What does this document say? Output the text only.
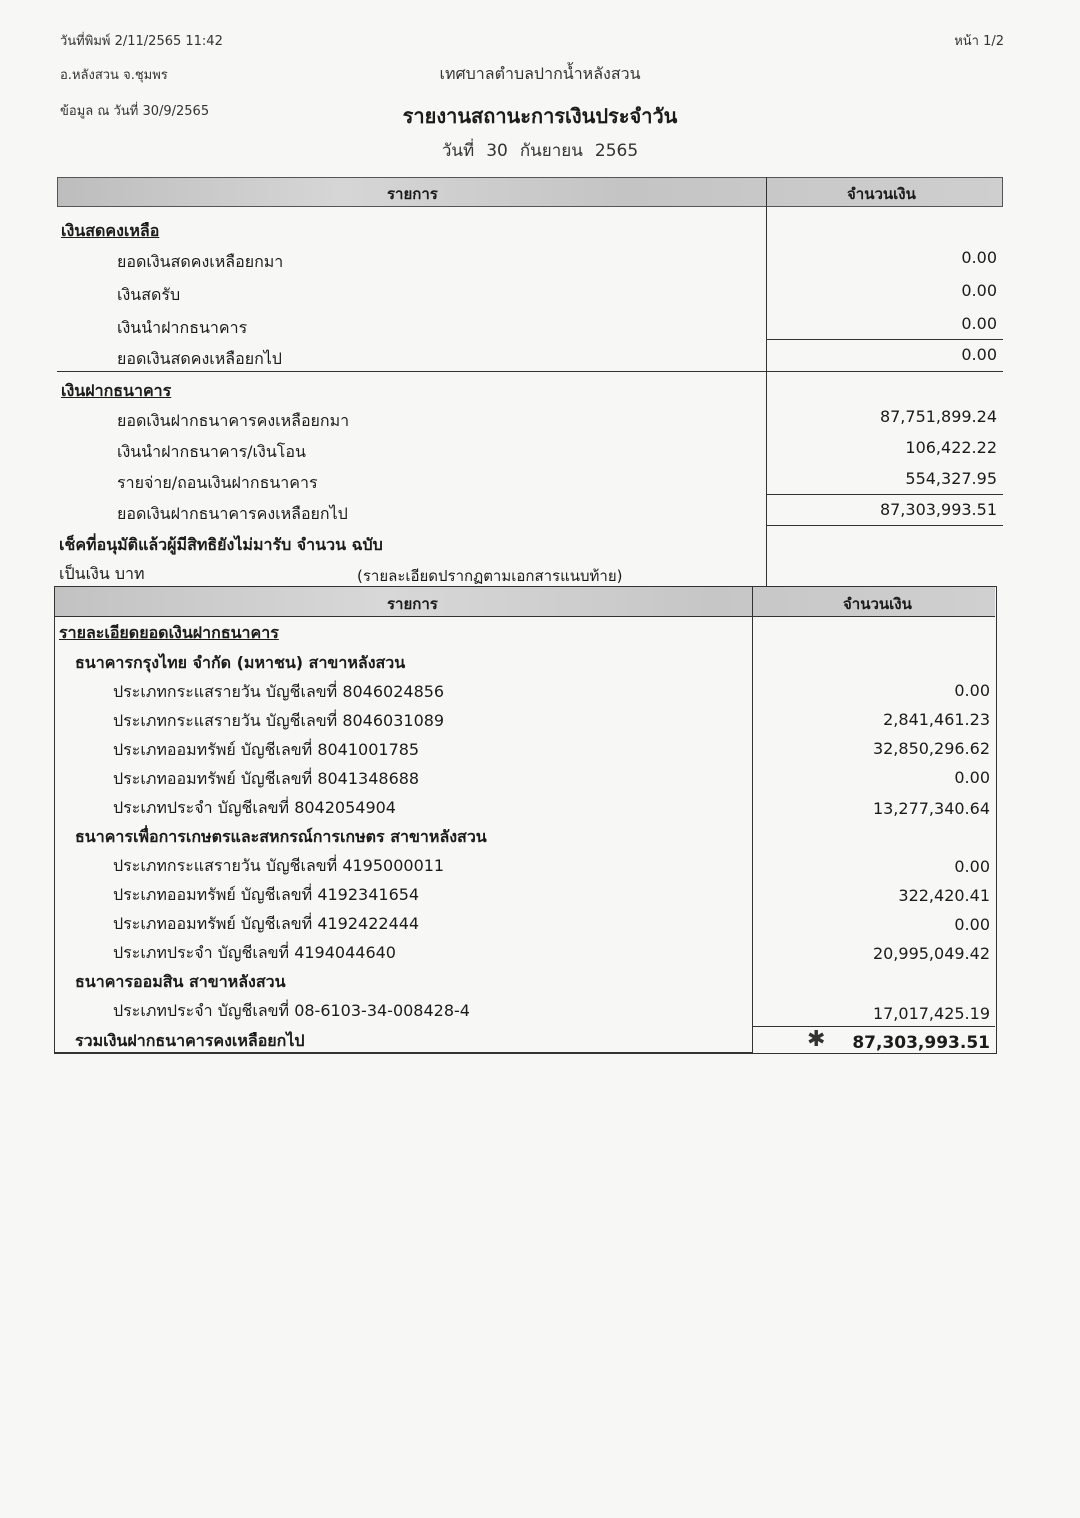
วันที่พิมพ์ 2/11/2565 11:42
อ.หลังสวน จ.ชุมพร
ข้อมูล ณ วันที่ 30/9/2565
หน้า 1/2
เทศบาลตำบลปากน้ำหลังสวน
รายงานสถานะการเงินประจำวัน
วันที่ 30 กันยายน 2565
รายการ	จำนวนเงิน
เงินสดคงเหลือ
ยอดเงินสดคงเหลือยกมา	0.00
เงินสดรับ	0.00
เงินนำฝากธนาคาร	0.00
ยอดเงินสดคงเหลือยกไป	0.00
เงินฝากธนาคาร
ยอดเงินฝากธนาคารคงเหลือยกมา	87,751,899.24
เงินนำฝากธนาคาร/เงินโอน	106,422.22
รายจ่าย/ถอนเงินฝากธนาคาร	554,327.95
ยอดเงินฝากธนาคารคงเหลือยกไป	87,303,993.51
เช็คที่อนุมัติแล้วผู้มีสิทธิยังไม่มารับ จำนวน ฉบับ
เป็นเงิน บาท	(รายละเอียดปรากฏตามเอกสารแนบท้าย)
รายการ	จำนวนเงิน
รายละเอียดยอดเงินฝากธนาคาร
ธนาคารกรุงไทย จำกัด (มหาชน) สาขาหลังสวน
ประเภทกระแสรายวัน บัญชีเลขที่ 8046024856	0.00
ประเภทกระแสรายวัน บัญชีเลขที่ 8046031089	2,841,461.23
ประเภทออมทรัพย์ บัญชีเลขที่ 8041001785	32,850,296.62
ประเภทออมทรัพย์ บัญชีเลขที่ 8041348688	0.00
ประเภทประจำ บัญชีเลขที่ 8042054904	13,277,340.64
ธนาคารเพื่อการเกษตรและสหกรณ์การเกษตร สาขาหลังสวน
ประเภทกระแสรายวัน บัญชีเลขที่ 4195000011	0.00
ประเภทออมทรัพย์ บัญชีเลขที่ 4192341654	322,420.41
ประเภทออมทรัพย์ บัญชีเลขที่ 4192422444	0.00
ประเภทประจำ บัญชีเลขที่ 4194044640	20,995,049.42
ธนาคารออมสิน สาขาหลังสวน
ประเภทประจำ บัญชีเลขที่ 08-6103-34-008428-4	17,017,425.19
รวมเงินฝากธนาคารคงเหลือยกไป	✱ 87,303,993.51
